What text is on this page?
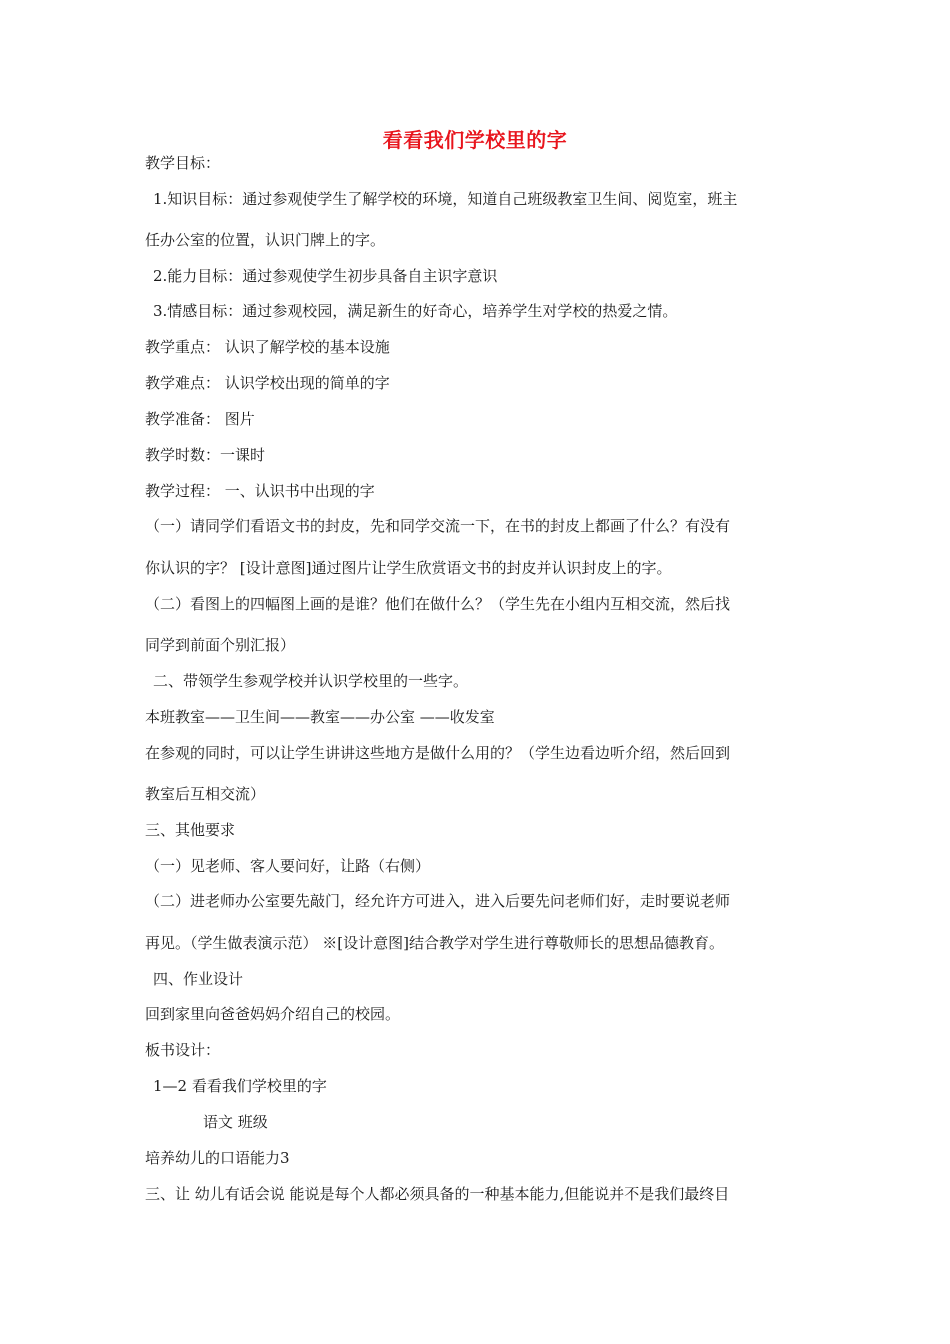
看看我们学校里的字
教学目标：
1.知识目标：通过参观使学生了解学校的环境，知道自己班级教室卫生间、阅览室，班主
任办公室的位置，认识门牌上的字。
2.能力目标：通过参观使学生初步具备自主识字意识
3.情感目标：通过参观校园，满足新生的好奇心，培养学生对学校的热爱之情。
教学重点： 认识了解学校的基本设施
教学难点： 认识学校出现的简单的字
教学准备： 图片
教学时数：一课时
教学过程： 一、认识书中出现的字
（一）请同学们看语文书的封皮，先和同学交流一下，在书的封皮上都画了什么？有没有
你认识的字？ [设计意图]通过图片让学生欣赏语文书的封皮并认识封皮上的字。
（二）看图上的四幅图上画的是谁？他们在做什么？（学生先在小组内互相交流，然后找
同学到前面个别汇报）
二、带领学生参观学校并认识学校里的一些字。
本班教室——卫生间——教室——办公室 ——收发室
在参观的同时，可以让学生讲讲这些地方是做什么用的？（学生边看边听介绍，然后回到
教室后互相交流）
三、其他要求
（一）见老师、客人要问好，让路（右侧）
（二）进老师办公室要先敲门，经允许方可进入，进入后要先问老师们好，走时要说老师
再见。（学生做表演示范） ※[设计意图]结合教学对学生进行尊敬师长的思想品德教育。
四、作业设计
回到家里向爸爸妈妈介绍自己的校园。
板书设计：
1—2 看看我们学校里的字
语文 班级
培养幼儿的口语能力3
三、让 幼儿有话会说 能说是每个人都必须具备的一种基本能力,但能说并不是我们最终目
